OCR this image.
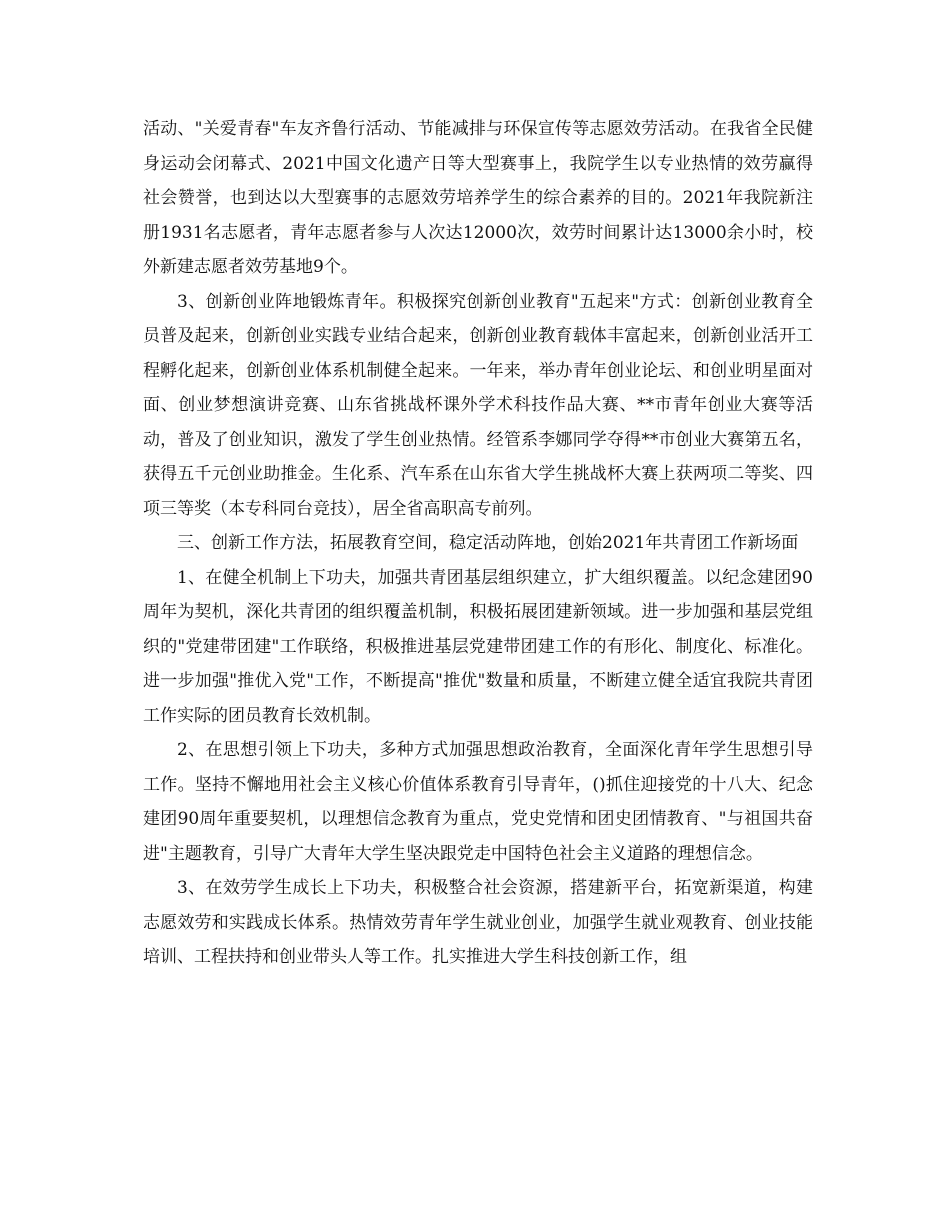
活动、"关爱青春"车友齐鲁行活动、节能减排与环保宣传等志愿效劳活动。在我省全民健身运动会闭幕式、2021中国文化遗产日等大型赛事上，我院学生以专业热情的效劳赢得社会赞誉，也到达以大型赛事的志愿效劳培养学生的综合素养的目的。2021年我院新注册1931名志愿者，青年志愿者参与人次达12000次，效劳时间累计达13000余小时，校外新建志愿者效劳基地9个。

3、创新创业阵地锻炼青年。积极探究创新创业教育"五起来"方式：创新创业教育全员普及起来，创新创业实践专业结合起来，创新创业教育载体丰富起来，创新创业活开工程孵化起来，创新创业体系机制健全起来。一年来，举办青年创业论坛、和创业明星面对面、创业梦想演讲竞赛、山东省挑战杯课外学术科技作品大赛、**市青年创业大赛等活动，普及了创业知识，激发了学生创业热情。经管系李娜同学夺得**市创业大赛第五名，获得五千元创业助推金。生化系、汽车系在山东省大学生挑战杯大赛上获两项二等奖、四项三等奖（本专科同台竞技），居全省高职高专前列。

三、创新工作方法，拓展教育空间，稳定活动阵地，创始2021年共青团工作新场面

1、在健全机制上下功夫，加强共青团基层组织建立，扩大组织覆盖。以纪念建团90周年为契机，深化共青团的组织覆盖机制，积极拓展团建新领域。进一步加强和基层党组织的"党建带团建"工作联络，积极推进基层党建带团建工作的有形化、制度化、标准化。进一步加强"推优入党"工作，不断提高"推优"数量和质量，不断建立健全适宜我院共青团工作实际的团员教育长效机制。

2、在思想引领上下功夫，多种方式加强思想政治教育，全面深化青年学生思想引导工作。坚持不懈地用社会主义核心价值体系教育引导青年，()抓住迎接党的十八大、纪念建团90周年重要契机，以理想信念教育为重点，党史党情和团史团情教育、"与祖国共奋进"主题教育，引导广大青年大学生坚决跟党走中国特色社会主义道路的理想信念。

3、在效劳学生成长上下功夫，积极整合社会资源，搭建新平台，拓宽新渠道，构建志愿效劳和实践成长体系。热情效劳青年学生就业创业，加强学生就业观教育、创业技能培训、工程扶持和创业带头人等工作。扎实推进大学生科技创新工作，组
